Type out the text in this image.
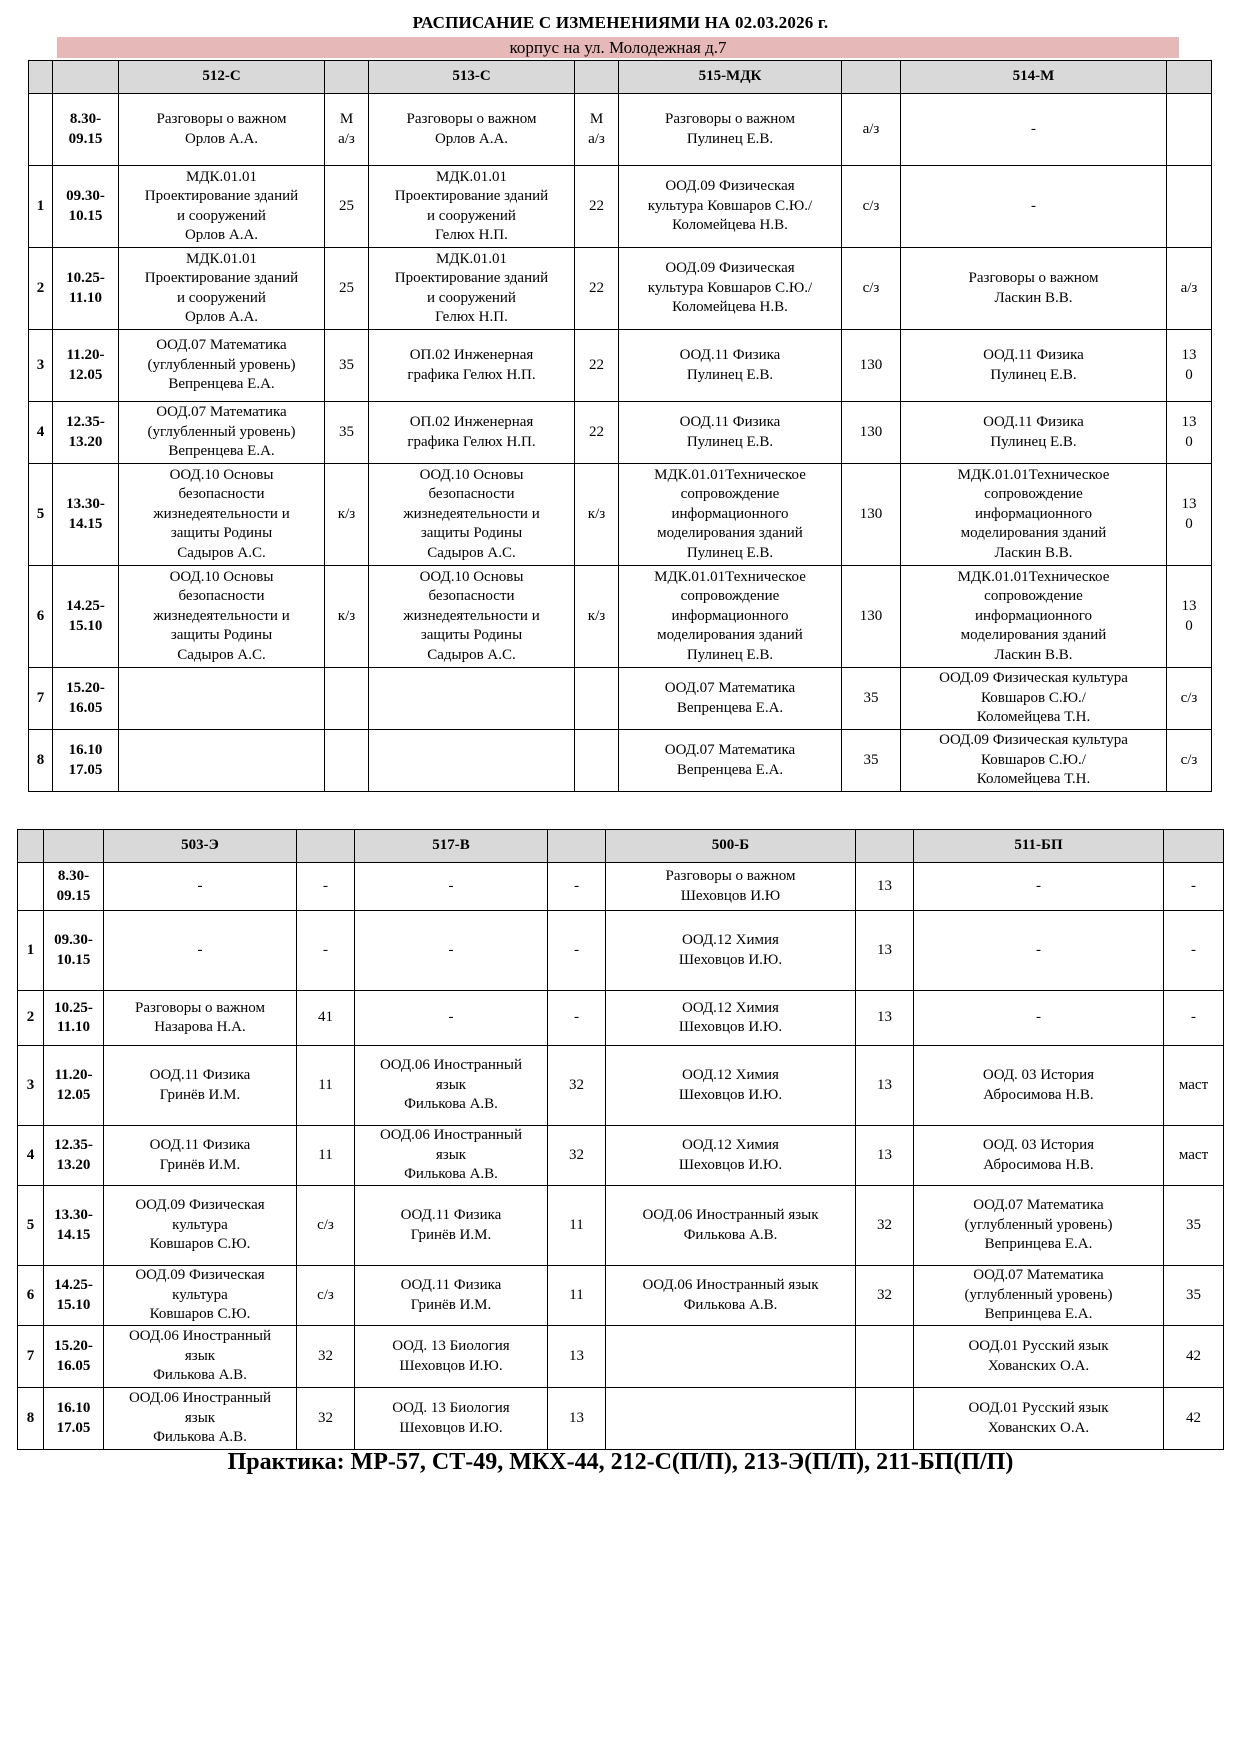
РАСПИСАНИЕ С ИЗМЕНЕНИЯМИ НА 02.03.2026 г.
корпус на ул. Молодежная д.7
		512-С		513-С		515-МДК		514-М	
	8.30-
09.15	Разговоры о важном
Орлов А.А.	М
а/з	Разговоры о важном
Орлов А.А.	М
а/з	Разговоры о важном
Пулинец Е.В.	а/з	-	
1	09.30-
10.15	МДК.01.01
Проектирование зданий
и сооружений
Орлов А.А.	25	МДК.01.01
Проектирование зданий
и сооружений
Гелюх Н.П.	22	ООД.09 Физическая
культура Ковшаров С.Ю./
Коломейцева Н.В.	с/з	-	
2	10.25-
11.10	МДК.01.01
Проектирование зданий
и сооружений
Орлов А.А.	25	МДК.01.01
Проектирование зданий
и сооружений
Гелюх Н.П.	22	ООД.09 Физическая
культура Ковшаров С.Ю./
Коломейцева Н.В.	с/з	Разговоры о важном
Ласкин В.В.	а/з
3	11.20-
12.05	ООД.07 Математика
(углубленный уровень)
Вепренцева Е.А.	35	ОП.02 Инженерная
графика Гелюх Н.П.	22	ООД.11 Физика
Пулинец Е.В.	130	ООД.11 Физика
Пулинец Е.В.	13
0
4	12.35-
13.20	ООД.07 Математика
(углубленный уровень)
Вепренцева Е.А.	35	ОП.02 Инженерная
графика Гелюх Н.П.	22	ООД.11 Физика
Пулинец Е.В.	130	ООД.11 Физика
Пулинец Е.В.	13
0
5	13.30-
14.15	ООД.10 Основы
безопасности
жизнедеятельности и
защиты Родины
Садыров А.С.	к/з	ООД.10 Основы
безопасности
жизнедеятельности и
защиты Родины
Садыров А.С.	к/з	МДК.01.01Техническое
сопровождение
информационного
моделирования зданий
Пулинец Е.В.	130	МДК.01.01Техническое
сопровождение
информационного
моделирования зданий
Ласкин В.В.	13
0
6	14.25-
15.10	ООД.10 Основы
безопасности
жизнедеятельности и
защиты Родины
Садыров А.С.	к/з	ООД.10 Основы
безопасности
жизнедеятельности и
защиты Родины
Садыров А.С.	к/з	МДК.01.01Техническое
сопровождение
информационного
моделирования зданий
Пулинец Е.В.	130	МДК.01.01Техническое
сопровождение
информационного
моделирования зданий
Ласкин В.В.	13
0
7	15.20-
16.05					ООД.07 Математика
Вепренцева Е.А.	35	ООД.09 Физическая культура
Ковшаров С.Ю./
Коломейцева Т.Н.	с/з
8	16.10
17.05					ООД.07 Математика
Вепренцева Е.А.	35	ООД.09 Физическая культура
Ковшаров С.Ю./
Коломейцева Т.Н.	с/з
		503-Э		517-В		500-Б		511-БП	
	8.30-
09.15	-	-	-	-	Разговоры о важном
Шеховцов И.Ю	13	-	-
1	09.30-
10.15	-	-	-	-	ООД.12 Химия
Шеховцов И.Ю.	13	-	-
2	10.25-
11.10	Разговоры о важном
Назарова Н.А.	41	-	-	ООД.12 Химия
Шеховцов И.Ю.	13	-	-
3	11.20-
12.05	ООД.11 Физика
Гринёв И.М.	11	ООД.06 Иностранный
язык
Филькова А.В.	32	ООД.12 Химия
Шеховцов И.Ю.	13	ООД. 03 История
Абросимова Н.В.	маст
4	12.35-
13.20	ООД.11 Физика
Гринёв И.М.	11	ООД.06 Иностранный
язык
Филькова А.В.	32	ООД.12 Химия
Шеховцов И.Ю.	13	ООД. 03 История
Абросимова Н.В.	маст
5	13.30-
14.15	ООД.09 Физическая
культура
Ковшаров С.Ю.	с/з	ООД.11 Физика
Гринёв И.М.	11	ООД.06 Иностранный язык
Филькова А.В.	32	ООД.07 Математика
(углубленный уровень)
Вепринцева Е.А.	35
6	14.25-
15.10	ООД.09 Физическая
культура
Ковшаров С.Ю.	с/з	ООД.11 Физика
Гринёв И.М.	11	ООД.06 Иностранный язык
Филькова А.В.	32	ООД.07 Математика
(углубленный уровень)
Вепринцева Е.А.	35
7	15.20-
16.05	ООД.06 Иностранный
язык
Филькова А.В.	32	ООД. 13 Биология
Шеховцов И.Ю.	13			ООД.01 Русский язык
Хованских О.А.	42
8	16.10
17.05	ООД.06 Иностранный
язык
Филькова А.В.	32	ООД. 13 Биология
Шеховцов И.Ю.	13			ООД.01 Русский язык
Хованских О.А.	42
Практика: МР-57, СТ-49, МКХ-44, 212-С(П/П), 213-Э(П/П), 211-БП(П/П)
